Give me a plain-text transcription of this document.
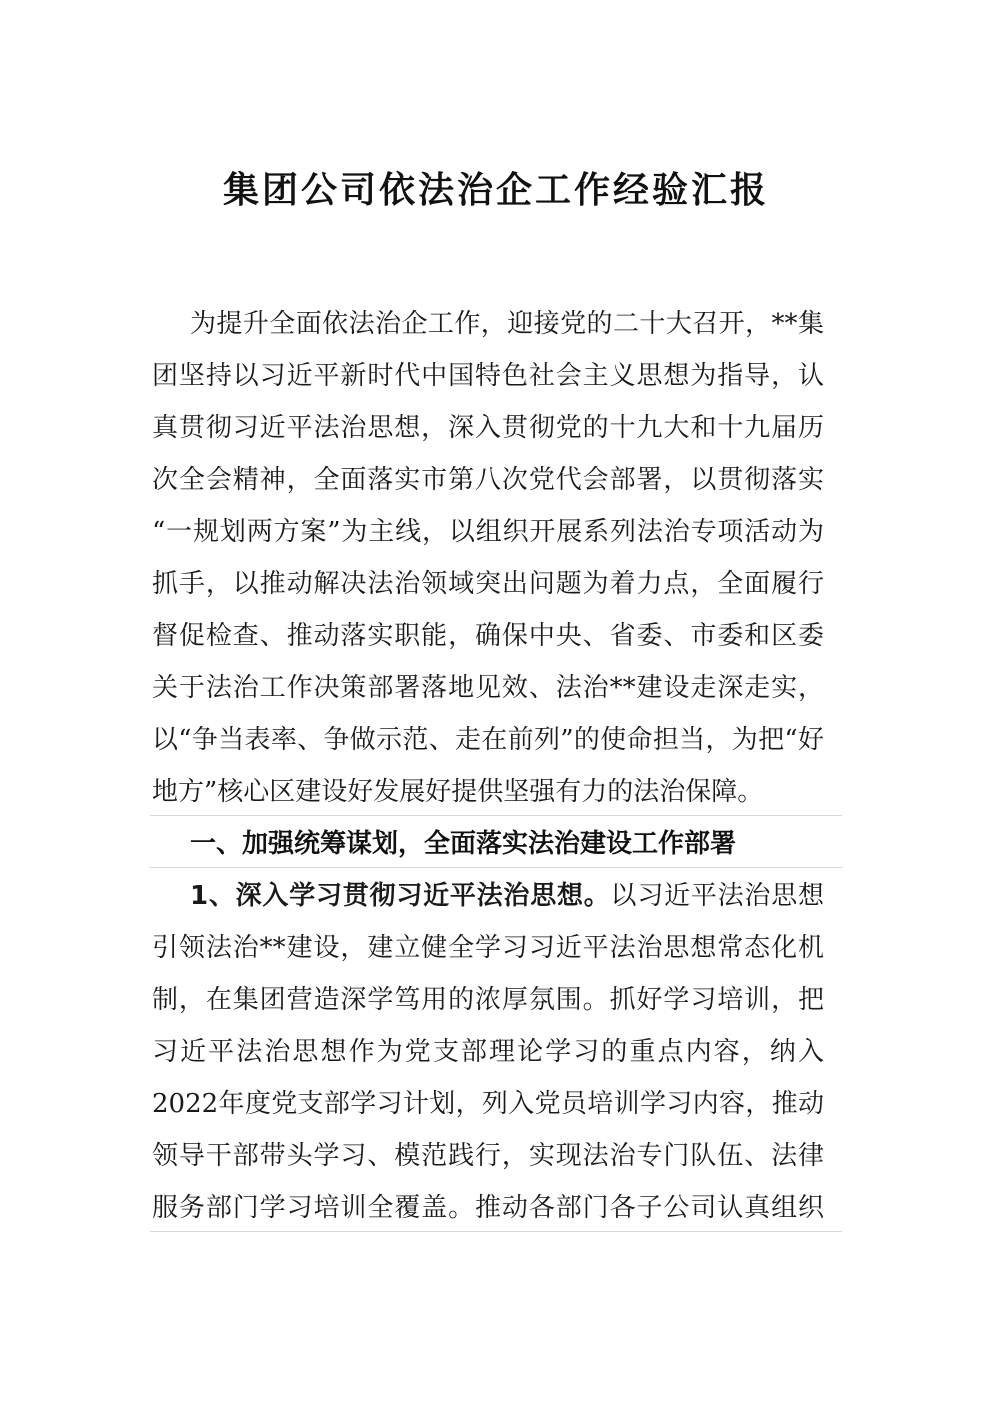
集团公司依法治企工作经验汇报
为提升全面依法治企工作，迎接党的二十大召开，**集
团坚持以习近平新时代中国特色社会主义思想为指导，认
真贯彻习近平法治思想，深入贯彻党的十九大和十九届历
次全会精神，全面落实市第八次党代会部署，以贯彻落实
“一规划两方案”为主线，以组织开展系列法治专项活动为
抓手，以推动解决法治领域突出问题为着力点，全面履行
督促检查、推动落实职能，确保中央、省委、市委和区委
关于法治工作决策部署落地见效、法治**建设走深走实，
以“争当表率、争做示范、走在前列”的使命担当，为把“好
地方”核心区建设好发展好提供坚强有力的法治保障。
一、加强统筹谋划，全面落实法治建设工作部署
1、深入学习贯彻习近平法治思想。以习近平法治思想
引领法治**建设，建立健全学习习近平法治思想常态化机
制，在集团营造深学笃用的浓厚氛围。抓好学习培训，把
习近平法治思想作为党支部理论学习的重点内容，纳入
2022年度党支部学习计划，列入党员培训学习内容，推动
领导干部带头学习、模范践行，实现法治专门队伍、法律
服务部门学习培训全覆盖。推动各部门各子公司认真组织
